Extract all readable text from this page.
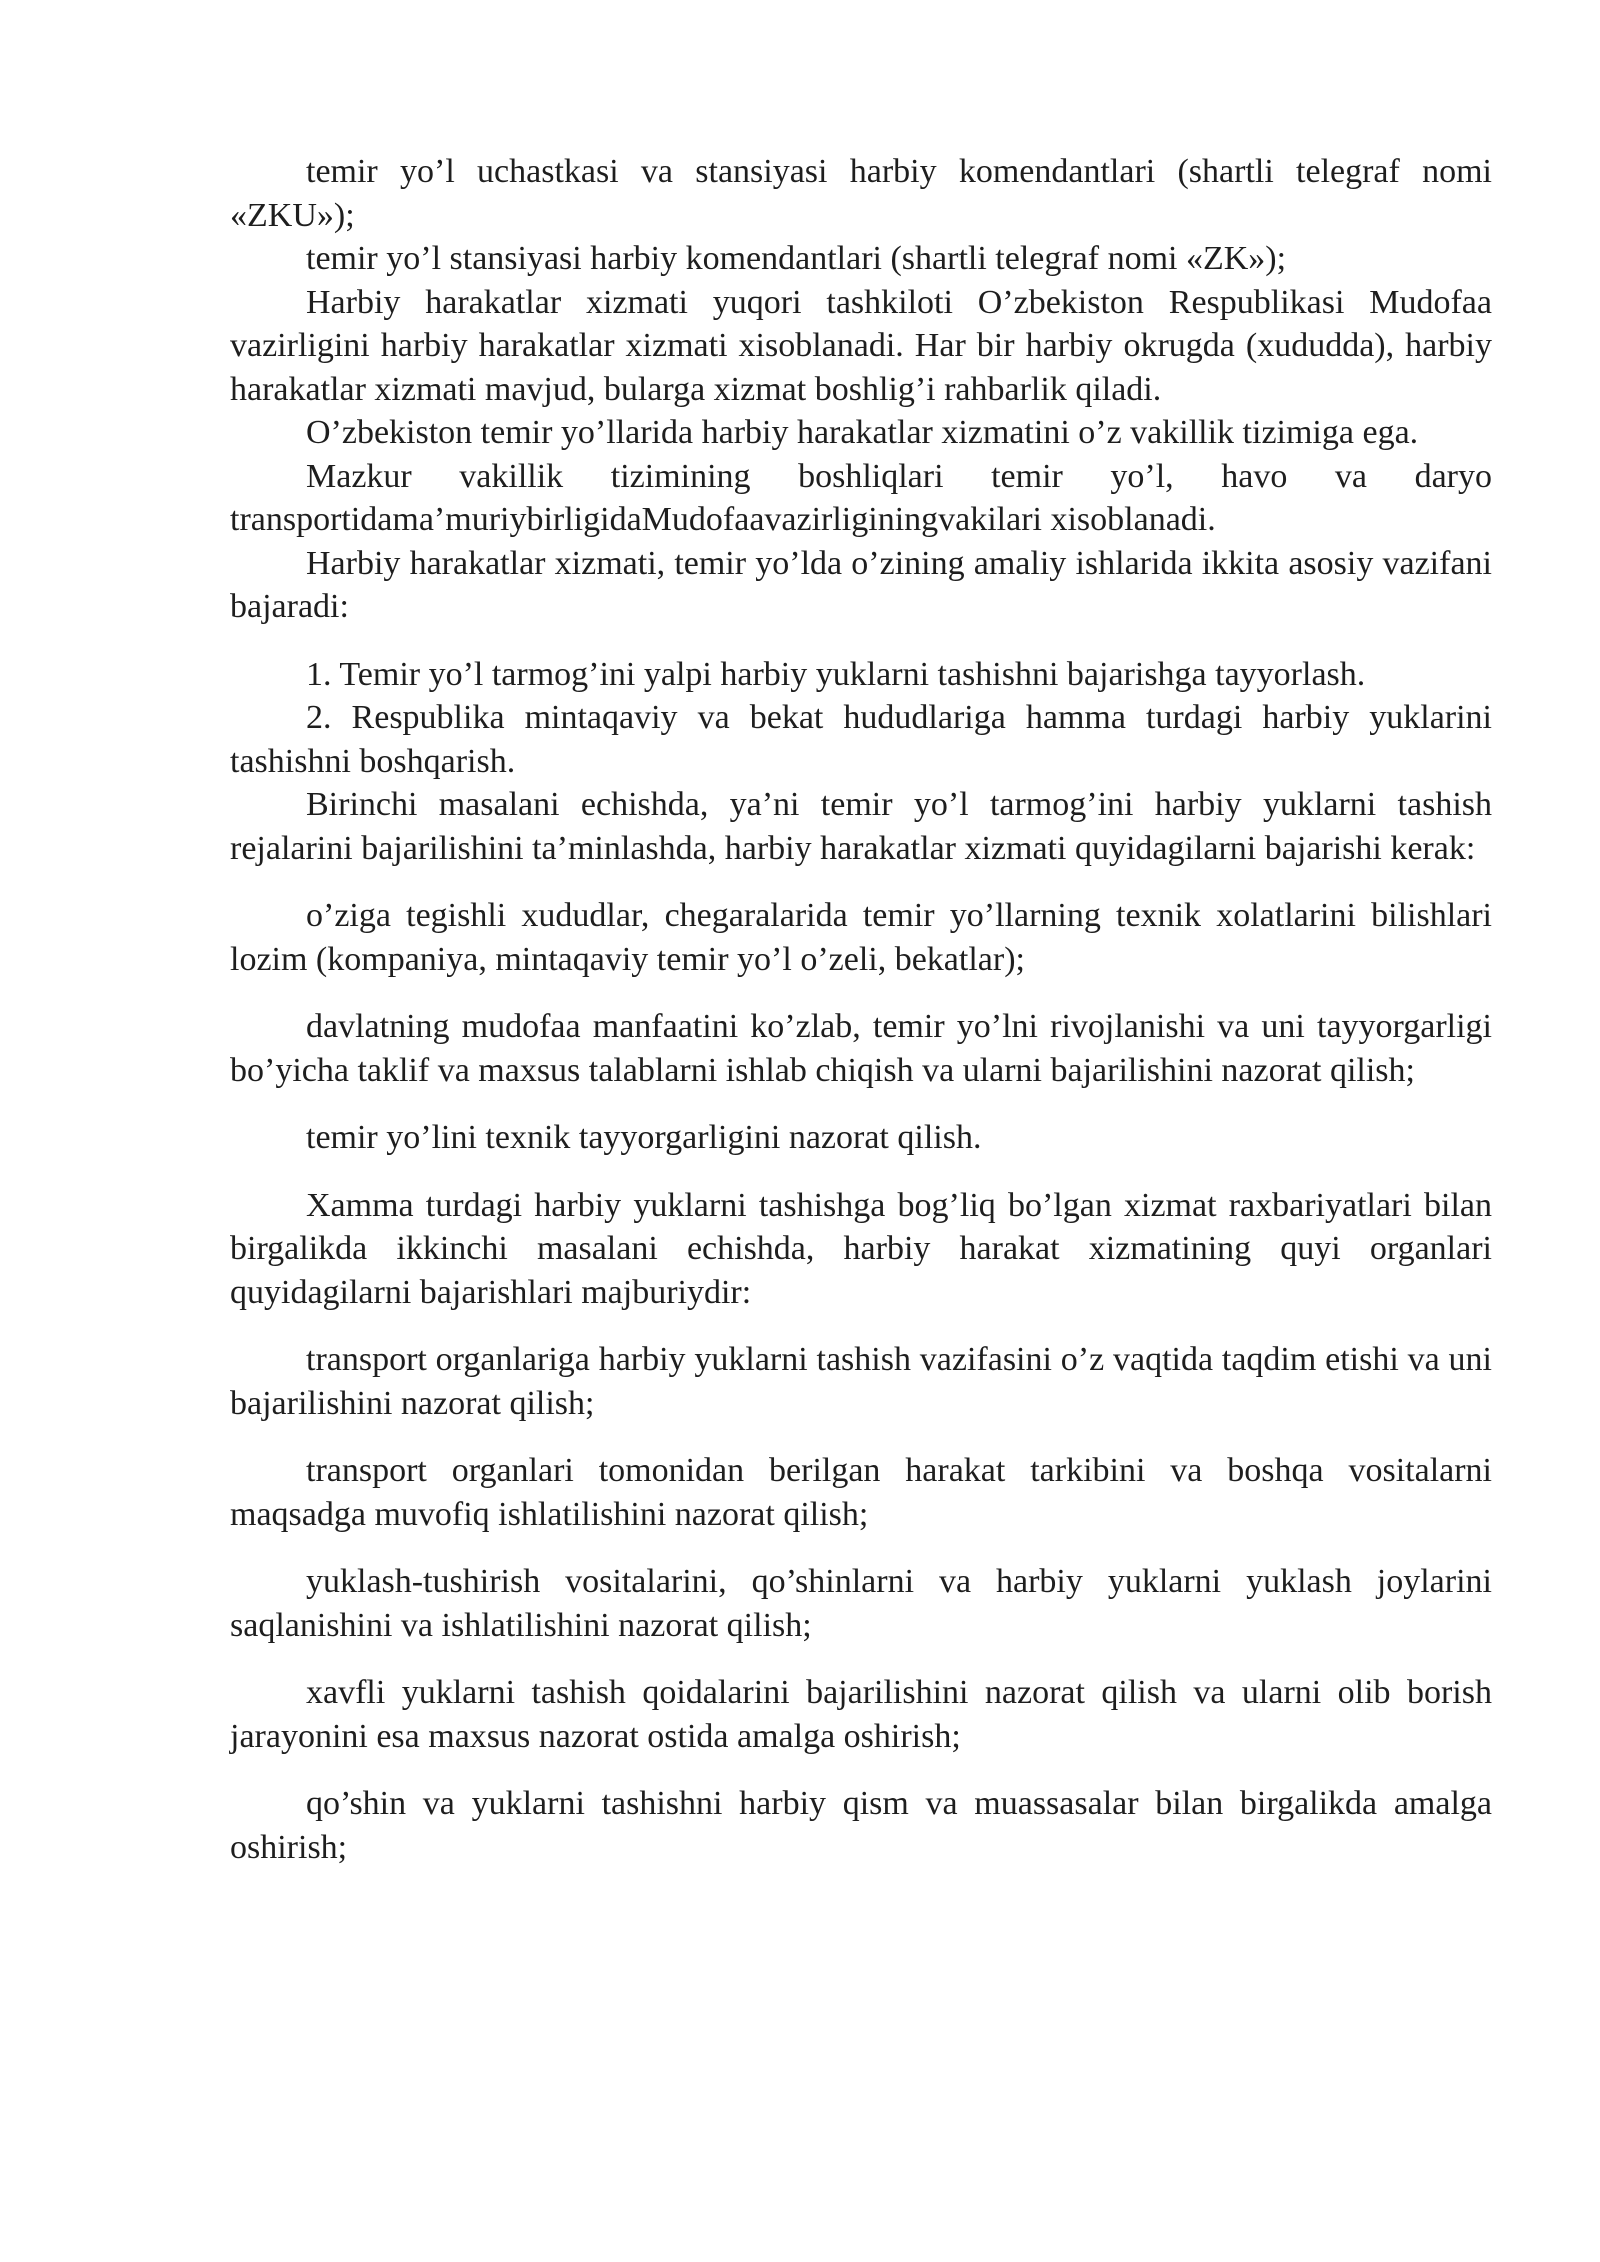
temir yo’l uchastkasi va stansiyasi harbiy komendantlari (shartli telegraf nomi «ZKU»);

temir yo’l stansiyasi harbiy komendantlari (shartli telegraf nomi «ZK»);

Harbiy harakatlar xizmati yuqori tashkiloti O’zbekiston Respublikasi Mudofaa vazirligini harbiy harakatlar xizmati xisoblanadi. Har bir harbiy okrugda (xududda), harbiy harakatlar xizmati mavjud, bularga xizmat boshlig’i rahbarlik qiladi.

O’zbekiston temir yo’llarida harbiy harakatlar xizmatini o’z vakillik tizimiga ega.

Mazkur vakillik tizimining boshliqlari temir yo’l, havo va daryo transportidama’muriybirligidaMudofaavazirliginingvakilari xisoblanadi.

Harbiy harakatlar xizmati, temir yo’lda o’zining amaliy ishlarida ikkita asosiy vazifani bajaradi:

1. Temir yo’l tarmog’ini yalpi harbiy yuklarni tashishni bajarishga tayyorlash.

2. Respublika mintaqaviy va bekat hududlariga hamma turdagi harbiy yuklarini tashishni boshqarish.

Birinchi masalani echishda, ya’ni temir yo’l tarmog’ini harbiy yuklarni tashish rejalarini bajarilishini ta’minlashda, harbiy harakatlar xizmati quyidagilarni bajarishi kerak:

o’ziga tegishli xududlar, chegaralarida temir yo’llarning texnik xolatlarini bilishlari lozim (kompaniya, mintaqaviy temir yo’l o’zeli, bekatlar);

davlatning mudofaa manfaatini ko’zlab, temir yo’lni rivojlanishi va uni tayyorgarligi bo’yicha taklif va maxsus talablarni ishlab chiqish va ularni bajarilishini nazorat qilish;

temir yo’lini texnik tayyorgarligini nazorat qilish.

Xamma turdagi harbiy yuklarni tashishga bog’liq bo’lgan xizmat raxbariyatlari bilan birgalikda ikkinchi masalani echishda, harbiy harakat xizmatining quyi organlari quyidagilarni bajarishlari majburiydir:

transport organlariga harbiy yuklarni tashish vazifasini o’z vaqtida taqdim etishi va uni bajarilishini nazorat qilish;

transport organlari tomonidan berilgan harakat tarkibini va boshqa vositalarni maqsadga muvofiq ishlatilishini nazorat qilish;

yuklash-tushirish vositalarini, qo’shinlarni va harbiy yuklarni yuklash joylarini saqlanishini va ishlatilishini nazorat qilish;

xavfli yuklarni tashish qoidalarini bajarilishini nazorat qilish va ularni olib borish jarayonini esa maxsus nazorat ostida amalga oshirish;

qo’shin va yuklarni tashishni harbiy qism va muassasalar bilan birgalikda amalga oshirish;
